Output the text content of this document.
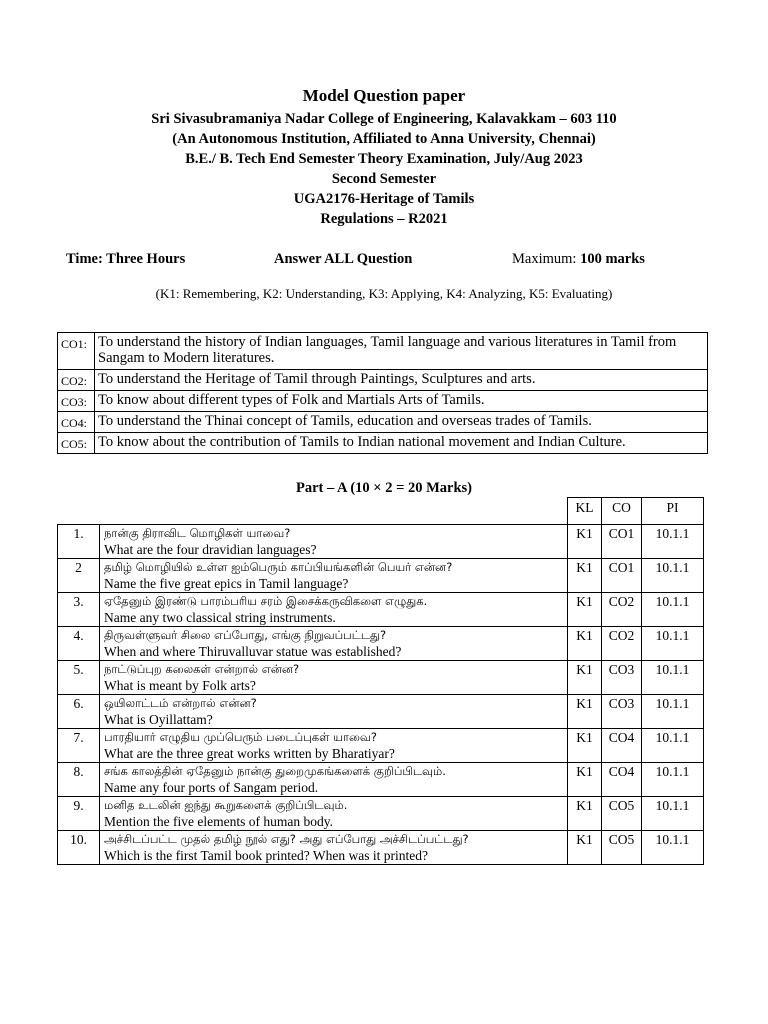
Model Question paper
Sri Sivasubramaniya Nadar College of Engineering, Kalavakkam – 603 110
(An Autonomous Institution, Affiliated to Anna University, Chennai)
B.E./ B. Tech End Semester Theory Examination, July/Aug 2023
Second Semester
UGA2176-Heritage of Tamils
Regulations – R2021
Time: Three Hours	Answer ALL Question	Maximum: 100 marks
(K1: Remembering, K2: Understanding, K3: Applying, K4: Analyzing, K5: Evaluating)
CO1:	To understand the history of Indian languages, Tamil language and various literatures in Tamil from Sangam to Modern literatures.
CO2:	To understand the Heritage of Tamil through Paintings, Sculptures and arts.
CO3:	To know about different types of Folk and Martials Arts of Tamils.
CO4:	To understand the Thinai concept of Tamils, education and overseas trades of Tamils.
CO5:	To know about the contribution of Tamils to Indian national movement and Indian Culture.
Part – A (10 × 2 = 20 Marks)
		KL	CO	PI
1.	நான்கு திராவிட மொழிகள் யாவை?
What are the four dravidian languages?	K1	CO1	10.1.1
2	தமிழ் மொழியில் உள்ள ஐம்பெரும் காப்பியங்களின் பெயர் என்ன?
Name the five great epics in Tamil language?	K1	CO1	10.1.1
3.	ஏதேனும் இரண்டு பாரம்பரிய சரம் இசைக்கருவிகளை எழுதுக.
Name any two classical string instruments.	K1	CO2	10.1.1
4.	திருவள்ளுவர் சிலை எப்போது, எங்கு நிறுவப்பட்டது?
When and where Thiruvalluvar statue was established?	K1	CO2	10.1.1
5.	நாட்டுப்புற கலைகள் என்றால் என்ன?
What is meant by Folk arts?	K1	CO3	10.1.1
6.	ஒயிலாட்டம் என்றால் என்ன?
What is Oyillattam?	K1	CO3	10.1.1
7.	பாரதியார் எழுதிய முப்பெரும் படைப்புகள் யாவை?
What are the three great works written by Bharatiyar?	K1	CO4	10.1.1
8.	சங்க காலத்தின் ஏதேனும் நான்கு துறைமுகங்களைக் குறிப்பிடவும்.
Name any four ports of Sangam period.	K1	CO4	10.1.1
9.	மனித உடலின் ஐந்து கூறுகளைக் குறிப்பிடவும்.
Mention the five elements of human body.	K1	CO5	10.1.1
10.	அச்சிடப்பட்ட முதல் தமிழ் நூல் எது? அது எப்போது அச்சிடப்பட்டது?
Which is the first Tamil book printed? When was it printed?	K1	CO5	10.1.1
